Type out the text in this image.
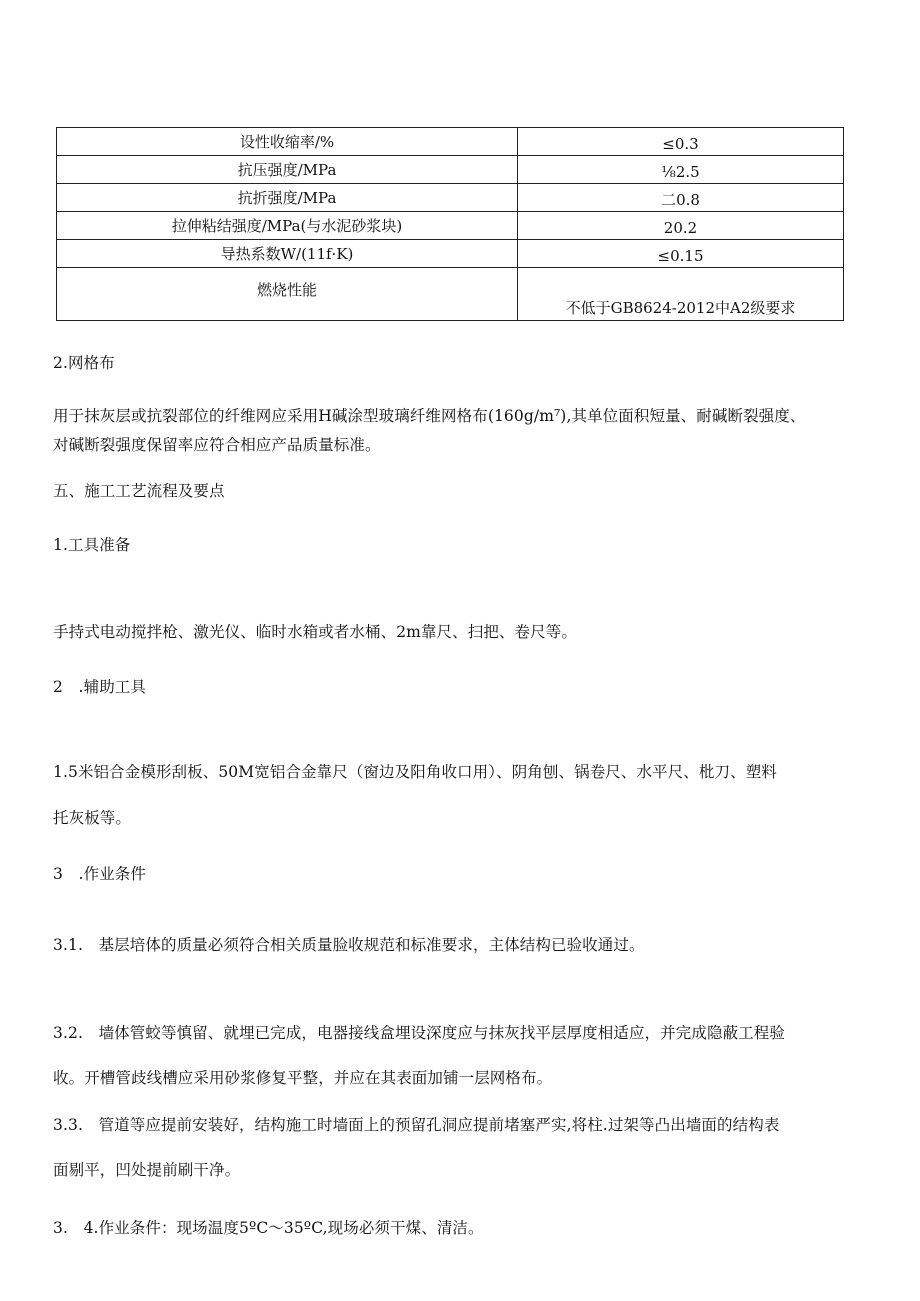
设性收缩率/%	≤0.3
抗压强度/MPa	⅛2.5
抗折强度/MPa	二0.8
拉伸粘结强度/MPa(与水泥砂浆块)	20.2
导热系数W/(11f·K)	≤0.15
燃烧性能	不低于GB8624-2012中A2级要求
2.网格布
用于抹灰层或抗裂部位的纤维网应采用H碱涂型玻璃纤维网格布(160g/m⁷),其单位面积短量、耐碱断裂强度、
对碱断裂强度保留率应符合相应产品质量标准。
五、施工工艺流程及要点
1.工具准备
手持式电动搅拌枪、激光仪、临时水箱或者水桶、2m靠尺、扫把、卷尺等。
2　.辅助工具
1.5米铝合金模形刮板、50M宽铝合金靠尺（窗边及阳角收口用）、阴角刨、锅卷尺、水平尺、枇刀、塑料
托灰板等。
3　.作业条件
3.1.　基层培体的质量必须符合相关质量脸收规范和标准要求，主体结构已验收通过。
3.2.　墙体管蛟等慎留、就埋已完成，电器接线盒埋设深度应与抹灰找平层厚度相适应，并完成隐蔽工程验
收。开槽管歧线槽应采用砂浆修复平整，并应在其表面加铺一层网格布。
3.3.　管道等应提前安装好，结构施工时墙面上的预留孔洞应提前堵塞严实,将柱.过架等凸出墙面的结构表
面剔平，凹处提前刷干净。
3.　4.作业条件：现场温度5ºC～35ºC,现场必须干煤、清洁。
